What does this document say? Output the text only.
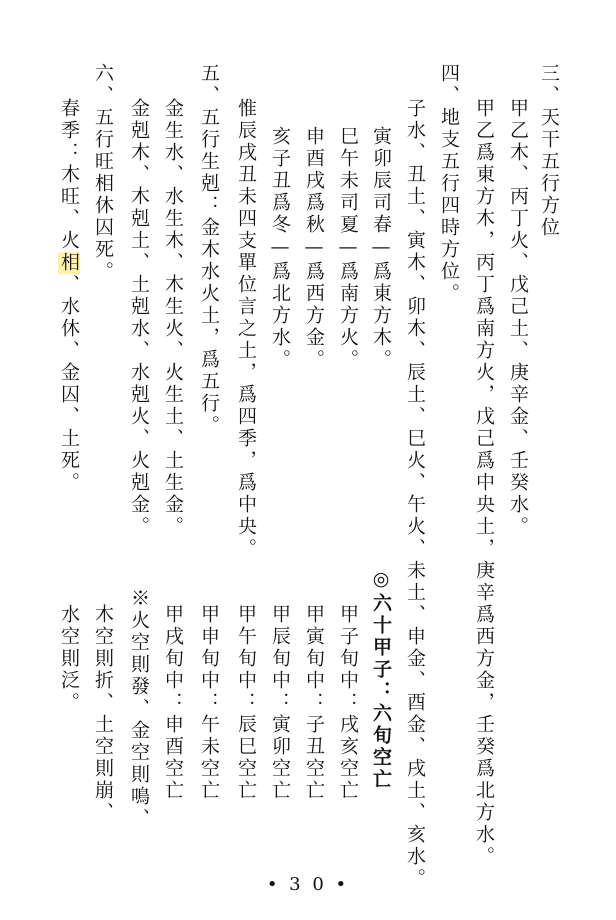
三、天干五行方位
甲乙木、丙丁火、戊己土、庚辛金、壬癸水。
甲乙爲東方木，丙丁爲南方火，戊己爲中央土，庚辛爲西方金，壬癸爲北方水。
四、地支五行四時方位。
子水、丑土、寅木、卯木、辰土、巳火、午火、未土、申金、酉金、戌土、亥水。
寅卯辰司春—爲東方木。
巳午未司夏—爲南方火。
申酉戌爲秋—爲西方金。
亥子丑爲冬—爲北方水。
惟辰戌丑未四支單位言之土，爲四季，爲中央。
五、五行生剋：金木水火土，爲五行。
金生水、水生木、木生火、火生土、土生金。
金剋木、木剋土、土剋水、水剋火、火剋金。
六、五行旺相休囚死。
春季：木旺、火相、水休、金囚、土死。
◎六十甲子：六旬空亡
甲子旬中：戌亥空亡
甲寅旬中：子丑空亡
甲辰旬中：寅卯空亡
甲午旬中：辰巳空亡
甲申旬中：午未空亡
甲戌旬中：申酉空亡
※火空則發、金空則鳴、
木空則折、土空則崩、
水空則泛。
• 3 0 •
